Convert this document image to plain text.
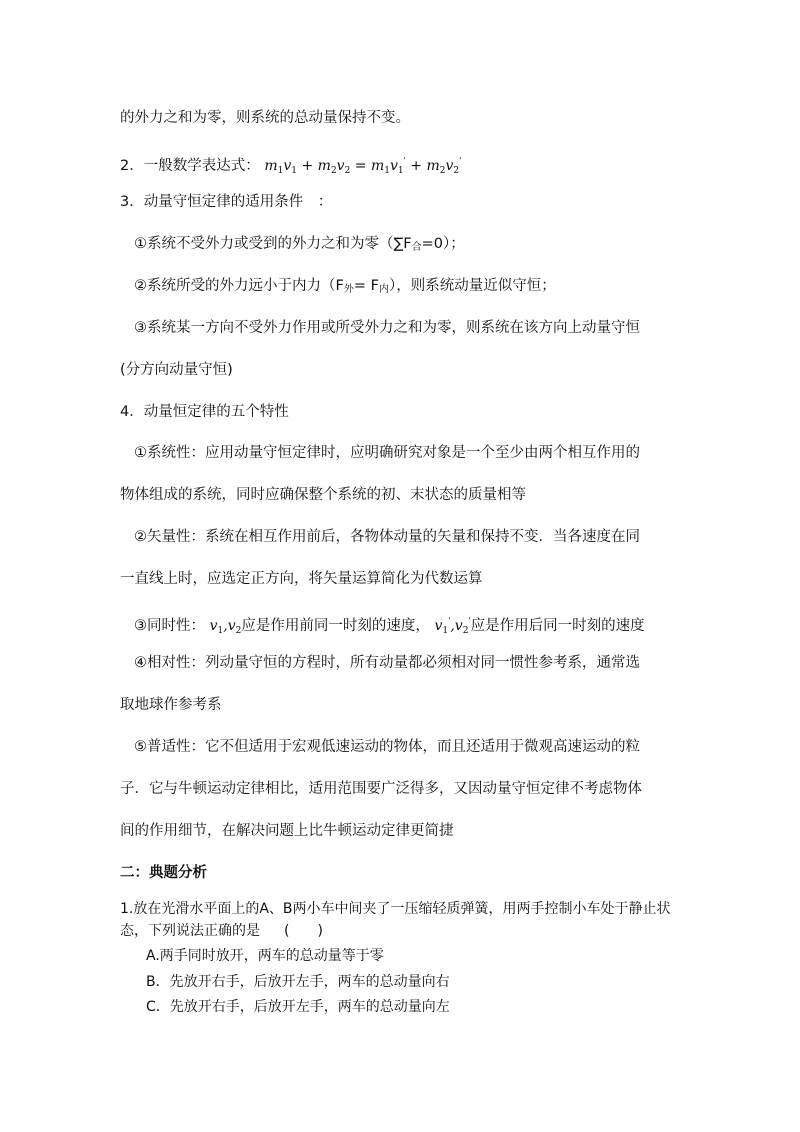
的外力之和为零，则系统的总动量保持不变。
2．一般数学表达式： $m_1v_1 + m_2v_2 = m_1v_1' + m_2v_2'$
3．动量守恒定律的适用条件　：
①系统不受外力或受到的外力之和为零（∑F合=0）；
②系统所受的外力远小于内力（F外= F内），则系统动量近似守恒；
③系统某一方向不受外力作用或所受外力之和为零，则系统在该方向上动量守恒
(分方向动量守恒)
4．动量恒定律的五个特性
①系统性：应用动量守恒定律时，应明确研究对象是一个至少由两个相互作用的
物体组成的系统，同时应确保整个系统的初、末状态的质量相等
②矢量性：系统在相互作用前后，各物体动量的矢量和保持不变．当各速度在同
一直线上时，应选定正方向，将矢量运算简化为代数运算
③同时性： $v_1,v_2$应是作用前同一时刻的速度， $v_1',v_2'$应是作用后同一时刻的速度
④相对性：列动量守恒的方程时，所有动量都必须相对同一惯性参考系，通常选
取地球作参考系
⑤普适性：它不但适用于宏观低速运动的物体，而且还适用于微观高速运动的粒
子．它与牛顿运动定律相比，适用范围要广泛得多，又因动量守恒定律不考虑物体
间的作用细节，在解决问题上比牛顿运动定律更简捷
二：典题分析
1.放在光滑水平面上的A、B两小车中间夹了一压缩轻质弹簧，用两手控制小车处于静止状
态，下列说法正确的是 (　　)
A.两手同时放开，两车的总动量等于零
B．先放开右手，后放开左手，两车的总动量向右
C．先放开右手，后放开左手，两车的总动量向左
